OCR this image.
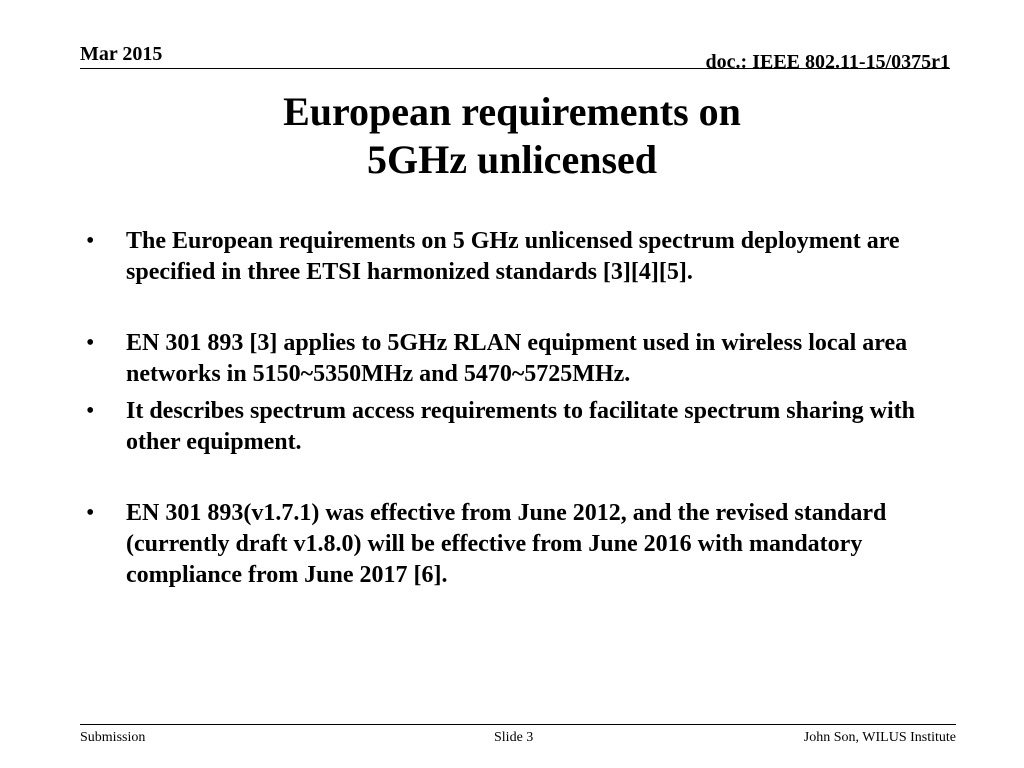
Mar 2015	doc.: IEEE 802.11-15/0375r1
European requirements on
5GHz unlicensed
• The European requirements on 5 GHz unlicensed spectrum deployment are specified in three ETSI harmonized standards [3][4][5].
• EN 301 893 [3] applies to 5GHz RLAN equipment used in wireless local area networks in 5150~5350MHz and 5470~5725MHz.
• It describes spectrum access requirements to facilitate spectrum sharing with other equipment.
• EN 301 893(v1.7.1) was effective from June 2012, and the revised standard (currently draft v1.8.0) will be effective from June 2016 with mandatory compliance from June 2017 [6].
Submission	Slide 3	John Son, WILUS Institute
